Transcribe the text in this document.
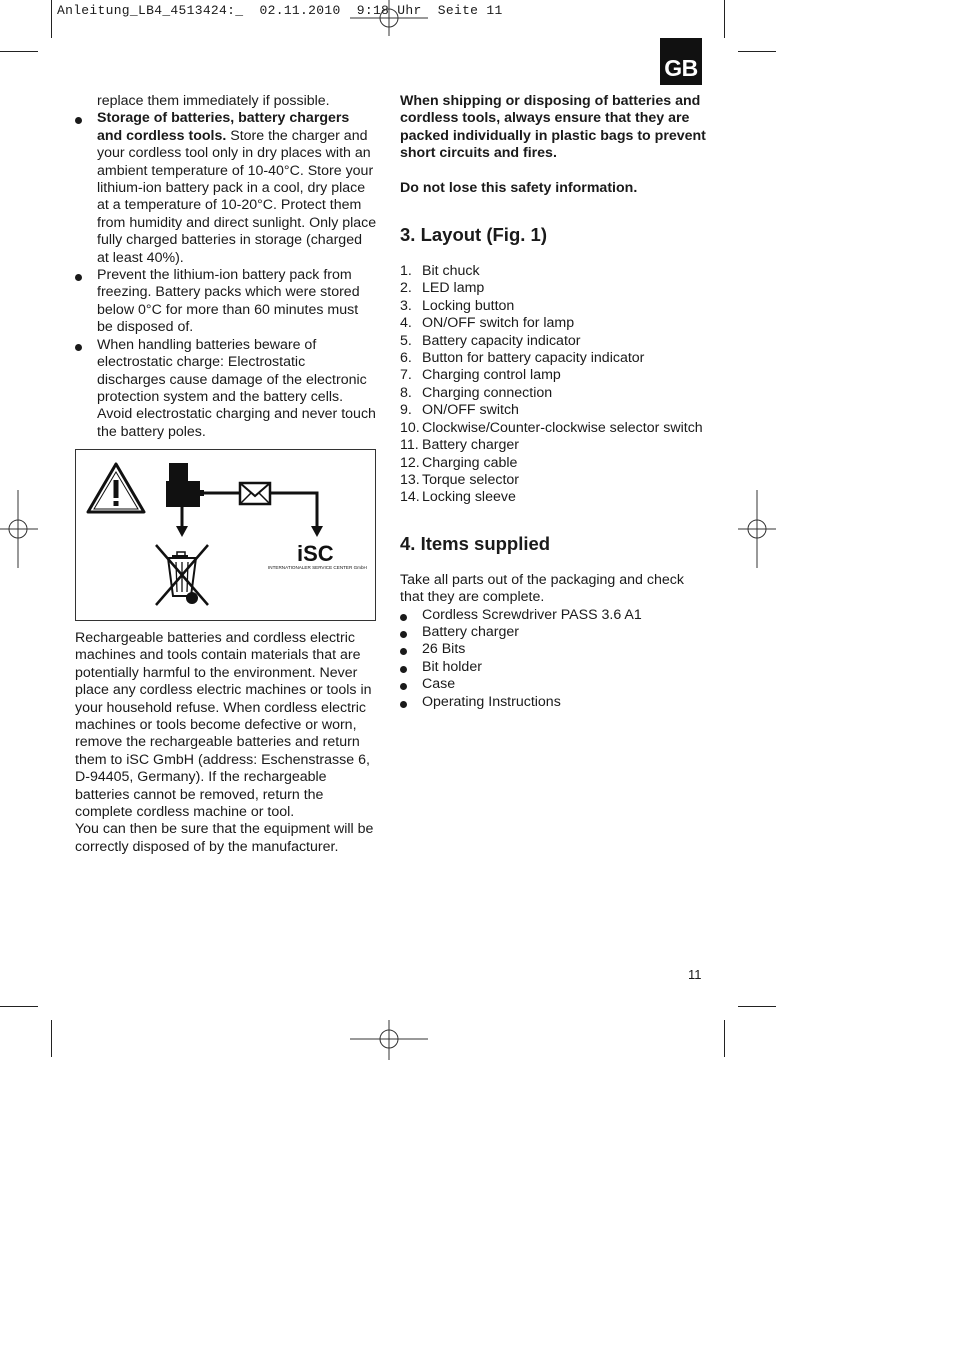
Anleitung_LB4_4513424:_  02.11.2010  9:18 Uhr  Seite 11
GB

replace them immediately if possible.

Storage of batteries, battery chargers and cordless tools. Store the charger and your cordless tool only in dry places with an ambient temperature of 10-40°C. Store your lithium-ion battery pack in a cool, dry place at a temperature of 10-20°C. Protect them from humidity and direct sunlight. Only place fully charged batteries in storage (charged at least 40%).
Prevent the lithium-ion battery pack from freezing. Battery packs which were stored below 0°C for more than 60 minutes must be disposed of.
When handling batteries beware of electrostatic charge: Electrostatic discharges cause damage of the electronic protection system and the battery cells. Avoid electrostatic charging and never touch the battery poles.
iSC
INTERNATIONALER SERVICE CENTER GmbH

Rechargeable batteries and cordless electric machines and tools contain materials that are potentially harmful to the environment. Never place any cordless electric machines or tools in your household refuse. When cordless electric machines or tools become defective or worn, remove the rechargeable batteries and return them to iSC GmbH (address: Eschenstrasse 6, D-94405, Germany). If the rechargeable batteries cannot be removed, return the complete cordless machine or tool.

You can then be sure that the equipment will be correctly disposed of by the manufacturer.

When shipping or disposing of batteries and cordless tools, always ensure that they are packed individually in plastic bags to prevent short circuits and fires.

Do not lose this safety information.

3. Layout (Fig. 1)
1. Bit chuck
2. LED lamp
3. Locking button
4. ON/OFF switch for lamp
5. Battery capacity indicator
6. Button for battery capacity indicator
7. Charging control lamp
8. Charging connection
9. ON/OFF switch
10. Clockwise/Counter-clockwise selector switch
11. Battery charger
12. Charging cable
13. Torque selector
14. Locking sleeve
4. Items supplied

Take all parts out of the packaging and check that they are complete.

Cordless Screwdriver PASS 3.6 A1
Battery charger
26 Bits
Bit holder
Case
Operating Instructions
11
